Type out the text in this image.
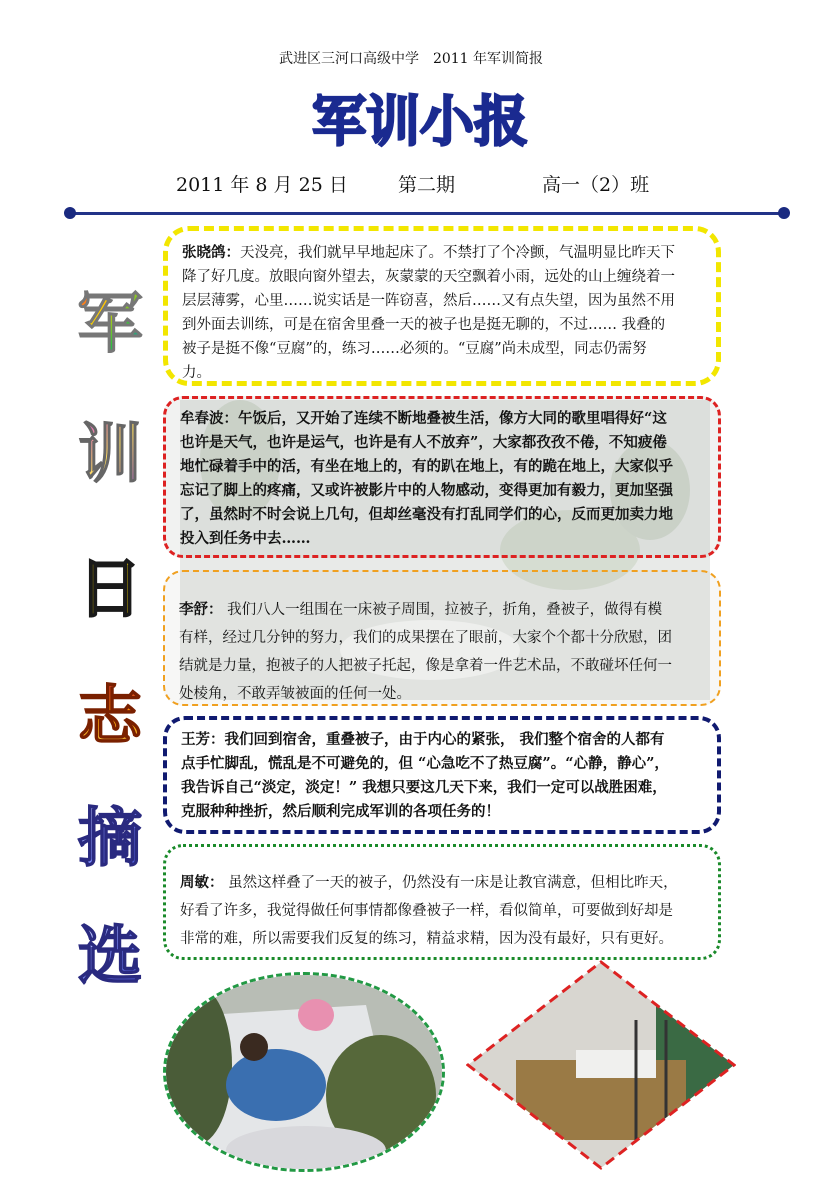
武进区三河口高级中学　2011 年军训简报
军训小报
2011 年 8 月 25 日	第二期	高一（2）班
军
训
日
志
摘
选

张晓鸽：天没亮，我们就早早地起床了。不禁打了个冷颤，气温明显比昨天下

降了好几度。放眼向窗外望去，灰蒙蒙的天空飘着小雨，远处的山上缠绕着一

层层薄雾，心里……说实话是一阵窃喜，然后……又有点失望，因为虽然不用

到外面去训练，可是在宿舍里叠一天的被子也是挺无聊的，不过…… 我叠的

被子是挺不像“豆腐”的，练习……必须的。“豆腐”尚未成型，同志仍需努

力。

牟春波：午饭后，又开始了连续不断地叠被生活，像方大同的歌里唱得好“这

也许是天气，也许是运气，也许是有人不放弃”，大家都孜孜不倦，不知疲倦

地忙碌着手中的活，有坐在地上的，有的趴在地上，有的跪在地上，大家似乎

忘记了脚上的疼痛，又或许被影片中的人物感动，变得更加有毅力，更加坚强

了，虽然时不时会说上几句，但却丝毫没有打乱同学们的心，反而更加卖力地

投入到任务中去……

李舒： 我们八人一组围在一床被子周围，拉被子，折角，叠被子，做得有模

有样，经过几分钟的努力，我们的成果摆在了眼前，大家个个都十分欣慰，团

结就是力量，抱被子的人把被子托起，像是拿着一件艺术品，不敢碰坏任何一

处棱角，不敢弄皱被面的任何一处。

王芳：我们回到宿舍，重叠被子，由于内心的紧张， 我们整个宿舍的人都有

点手忙脚乱，慌乱是不可避免的，但 “心急吃不了热豆腐”。“心静，静心”，

我告诉自己“淡定，淡定！” 我想只要这几天下来，我们一定可以战胜困难，

克服种种挫折，然后顺利完成军训的各项任务的！

周敏： 虽然这样叠了一天的被子，仍然没有一床是让教官满意，但相比昨天，

好看了许多，我觉得做任何事情都像叠被子一样，看似简单，可要做到好却是

非常的难，所以需要我们反复的练习，精益求精，因为没有最好，只有更好。
